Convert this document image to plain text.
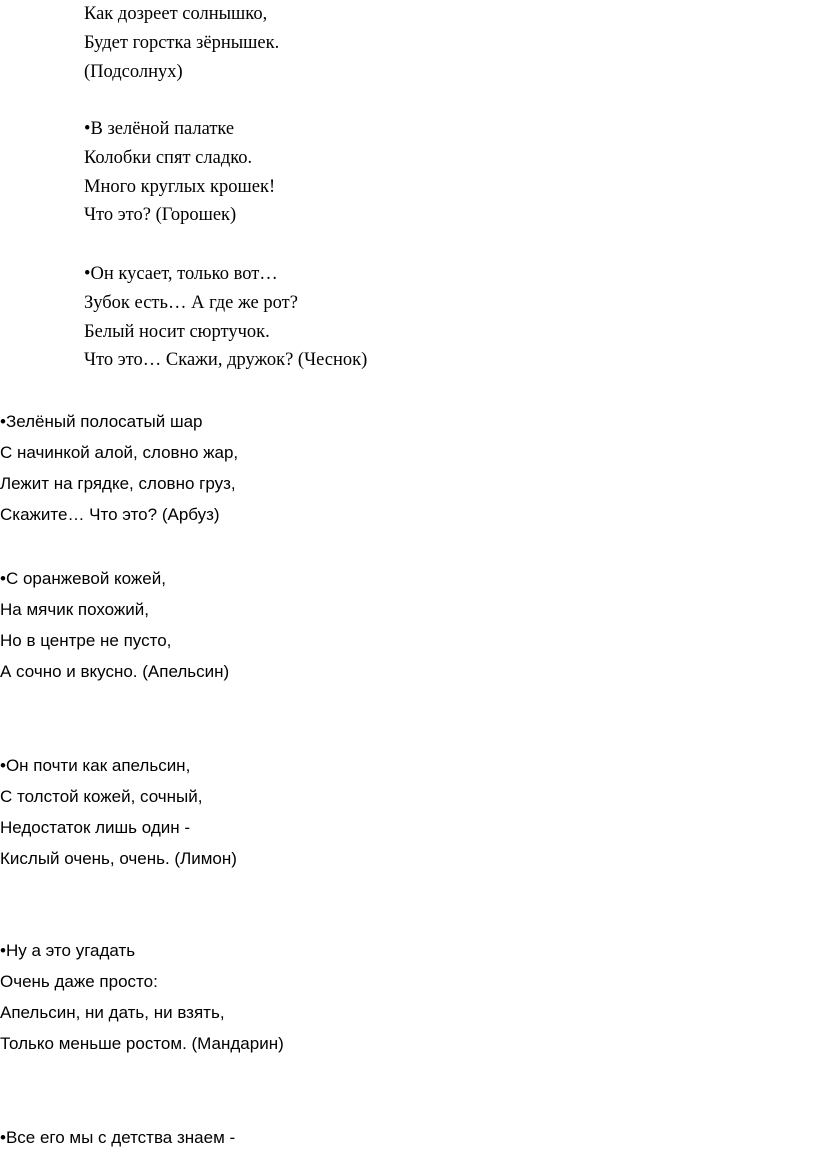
Как дозреет солнышко,
Будет горстка зёрнышек.
(Подсолнух)
•В зелёной палатке
Колобки спят сладко.
Много круглых крошек!
Что это? (Горошек)
•Он кусает, только вот…
Зубок есть… А где же рот?
Белый носит сюртучок.
Что это… Скажи, дружок? (Чеснок)
•Зелёный полосатый шар
С начинкой алой, словно жар,
Лежит на грядке, словно груз,
Скажите… Что это? (Арбуз)
•С оранжевой кожей,
На мячик похожий,
Но в центре не пусто,
А сочно и вкусно. (Апельсин)
•Он почти как апельсин,
С толстой кожей, сочный,
Недостаток лишь один -
Кислый очень, очень. (Лимон)
•Ну а это угадать
Очень даже просто:
Апельсин, ни дать, ни взять,
Только меньше ростом. (Мандарин)
•Все его мы с детства знаем -
